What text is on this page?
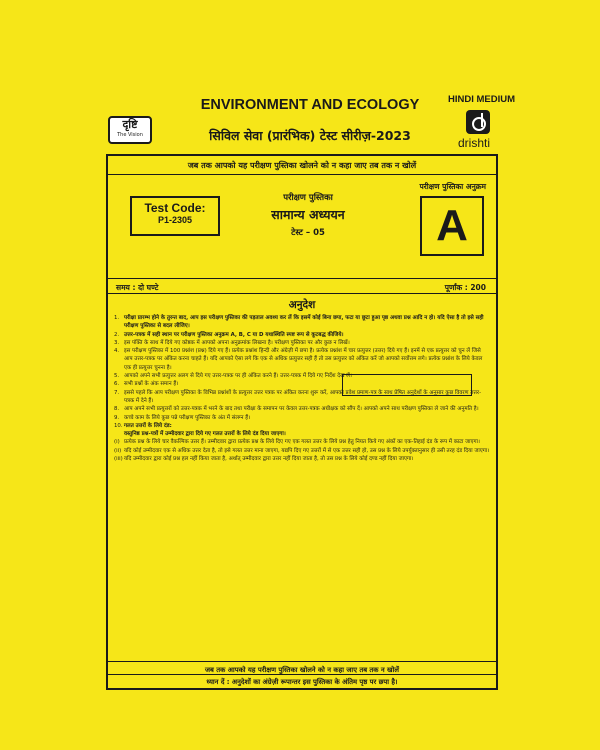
ENVIRONMENT AND ECOLOGY
सिविल सेवा (प्रारंभिक) टेस्ट सीरीज़-2023
HINDI MEDIUM
दृष्टि
The Vision
drishti
जब तक आपको यह परीक्षण पुस्तिका खोलने को न कहा जाए तब तक न खोलें
परीक्षण पुस्तिका अनुक्रम
Test Code:
P1-2305
परीक्षण पुस्तिका
सामान्य अध्ययन
टेस्ट – 05	A
समय : दो घण्टे	पूर्णांक : 200
अनुदेश
1. परीक्षा प्रारम्भ होने के तुरन्त बाद, आप इस परीक्षण पुस्तिका की पड़ताल अवश्य कर लें कि इसमें कोई बिना छपा, फटा या छूटा हुआ पृष्ठ अथवा प्रश्न आदि न हो। यदि ऐसा है तो इसे सही परीक्षण पुस्तिका से बदल लीजिए।
2. उत्तर-पत्रक में सही स्थान पर परीक्षण पुस्तिका अनुक्रम A, B, C या D यथास्थिति स्पष्ट रूप से कूटबद्ध कीजिये।
3. इस पंक्ति के साथ में दिये गए कोष्ठक में आपको अपना अनुक्रमांक लिखना है। परीक्षण पुस्तिका पर और कुछ न लिखें।
4. इस परीक्षण पुस्तिका में 100 प्रश्नांश (प्रश्न) दिये गए हैं। प्रत्येक प्रश्नांश हिन्दी और अंग्रेज़ी में छपा है। प्रत्येक प्रश्नांश में चार प्रत्युत्तर (उत्तर) दिये गए हैं। इनमें से एक प्रत्युत्तर को चुन लें जिसे आप उत्तर-पत्रक पर अंकित करना चाहते हैं। यदि आपको ऐसा लगे कि एक से अधिक प्रत्युत्तर सही हैं तो उस प्रत्युत्तर को अंकित करें जो आपको सर्वोत्तम लगे। प्रत्येक प्रश्नांश के लिये केवल एक ही प्रत्युत्तर चुनना है।
5. आपको अपने सभी प्रत्युत्तर अलग से दिये गए उत्तर-पत्रक पर ही अंकित करने हैं। उत्तर-पत्रक में दिये गए निर्देश देख लें।
6. सभी प्रश्नों के अंक समान हैं।
7. इससे पहले कि आप परीक्षण पुस्तिका के विभिन्न प्रश्नांशों के प्रत्युत्तर उत्तर पत्रक पर अंकित करना शुरू करें, आपको प्रवेश प्रमाण-पत्र के साथ प्रेषित अनुदेशों के अनुसार कुछ विवरण उत्तर-पत्रक में देने हैं।
8. आप अपने सभी प्रत्युत्तरों को उत्तर-पत्रक में भरने के बाद तथा परीक्षा के समापन पर केवल उत्तर-पत्रक अधीक्षक को सौंप दें। आपको अपने साथ परीक्षण पुस्तिका ले जाने की अनुमति है।
9. कच्चे काम के लिये कुछ पन्ने परीक्षण पुस्तिका के अंत में संलग्न हैं।
10. गलत उत्तरों के लिये दंड:
वस्तुनिष्ठ प्रश्न-पत्रों में उम्मीदवार द्वारा दिये गए गलत उत्तरों के लिये दंड दिया जाएगा।
(i) प्रत्येक प्रश्न के लिये चार वैकल्पिक उत्तर हैं। उम्मीदवार द्वारा प्रत्येक प्रश्न के लिये दिए गए एक गलत उत्तर के लिये प्रश्न हेतु नियत किये गए अंकों का एक-तिहाई दंड के रूप में काटा जाएगा।
(ii) यदि कोई उम्मीदवार एक से अधिक उत्तर देता है, तो इसे गलत उत्तर माना जाएगा, यद्यपि दिए गए उत्तरों में से एक उत्तर सही हो, उस प्रश्न के लिये उपर्युक्तानुसार ही उसी तरह दंड दिया जाएगा।
(iii) यदि उम्मीदवार द्वारा कोई प्रश्न हल नहीं किया जाता है, अर्थात् उम्मीदवार द्वारा उत्तर नहीं दिया जाता है, तो उस प्रश्न के लिये कोई दण्ड नहीं दिया जाएगा।
जब तक आपको यह परीक्षण पुस्तिका खोलने को न कहा जाए तब तक न खोलें
ध्यान दें : अनुदेशों का अंग्रेज़ी रूपान्तर इस पुस्तिका के अंतिम पृष्ठ पर छपा है।
